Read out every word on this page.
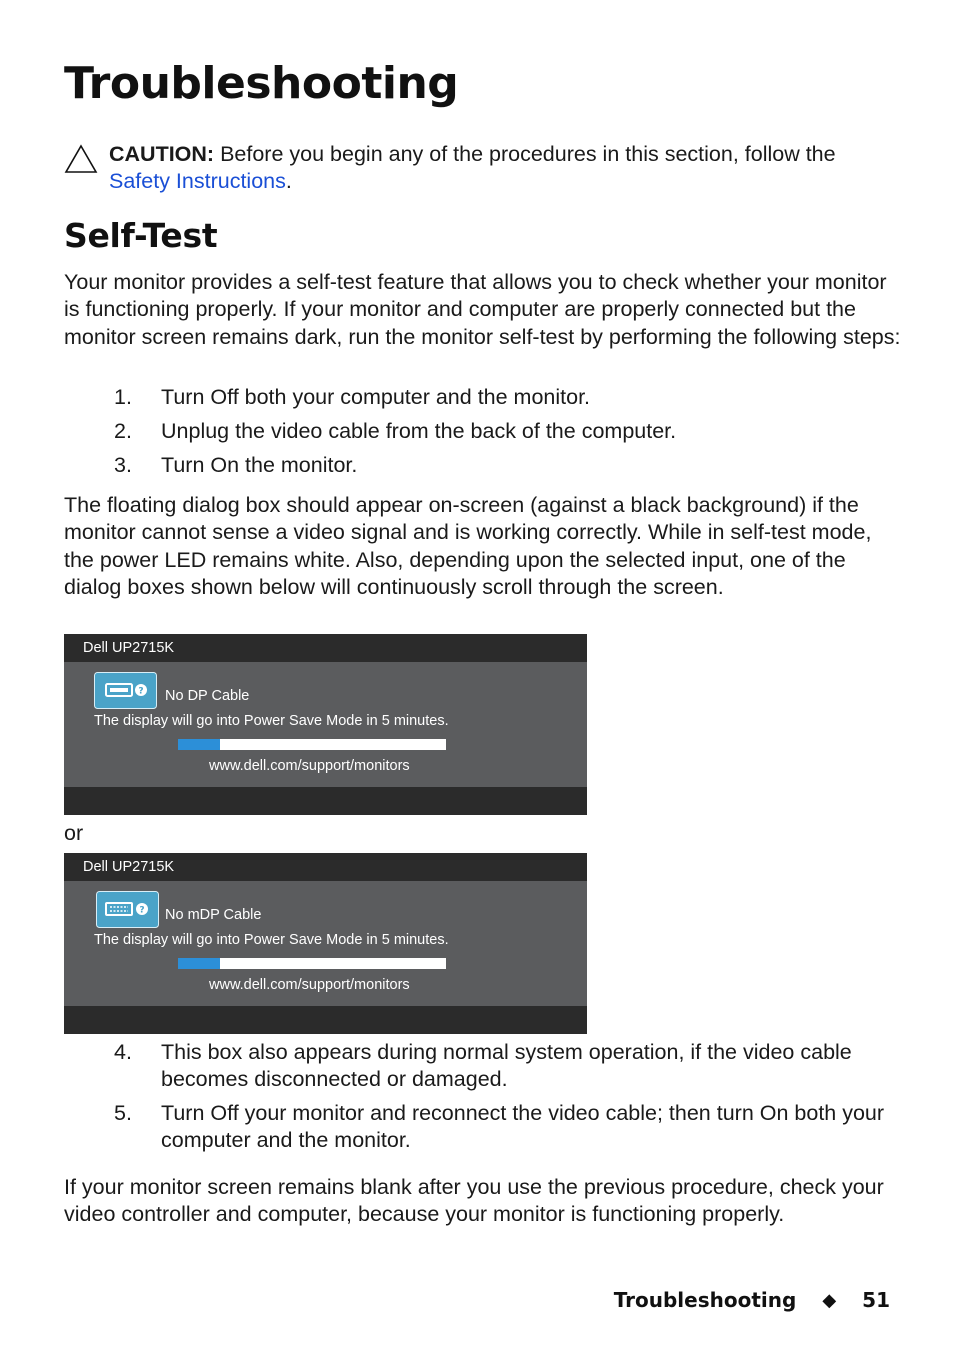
Troubleshooting

CAUTION: Before you begin any of the procedures in this section, follow the Safety Instructions.

Self-Test

Your monitor provides a self-test feature that allows you to check whether your monitor is functioning properly. If your monitor and computer are properly connected but the monitor screen remains dark, run the monitor self-test by performing the following steps:

1. Turn Off both your computer and the monitor.
2. Unplug the video cable from the back of the computer.
3. Turn On the monitor.

The floating dialog box should appear on-screen (against a black background) if the monitor cannot sense a video signal and is working correctly. While in self-test mode, the power LED remains white. Also, depending upon the selected input, one of the dialog boxes shown below will continuously scroll through the screen.

Dell UP2715K
? No DP Cable
The display will go into Power Save Mode in 5 minutes.
www.dell.com/support/monitors
or
Dell UP2715K
? No mDP Cable
The display will go into Power Save Mode in 5 minutes.
www.dell.com/support/monitors
4. This box also appears during normal system operation, if the video cable becomes disconnected or damaged.
5. Turn Off your monitor and reconnect the video cable; then turn On both your computer and the monitor.

If your monitor screen remains blank after you use the previous procedure, check your video controller and computer, because your monitor is functioning properly.

Troubleshooting ◆ 51
